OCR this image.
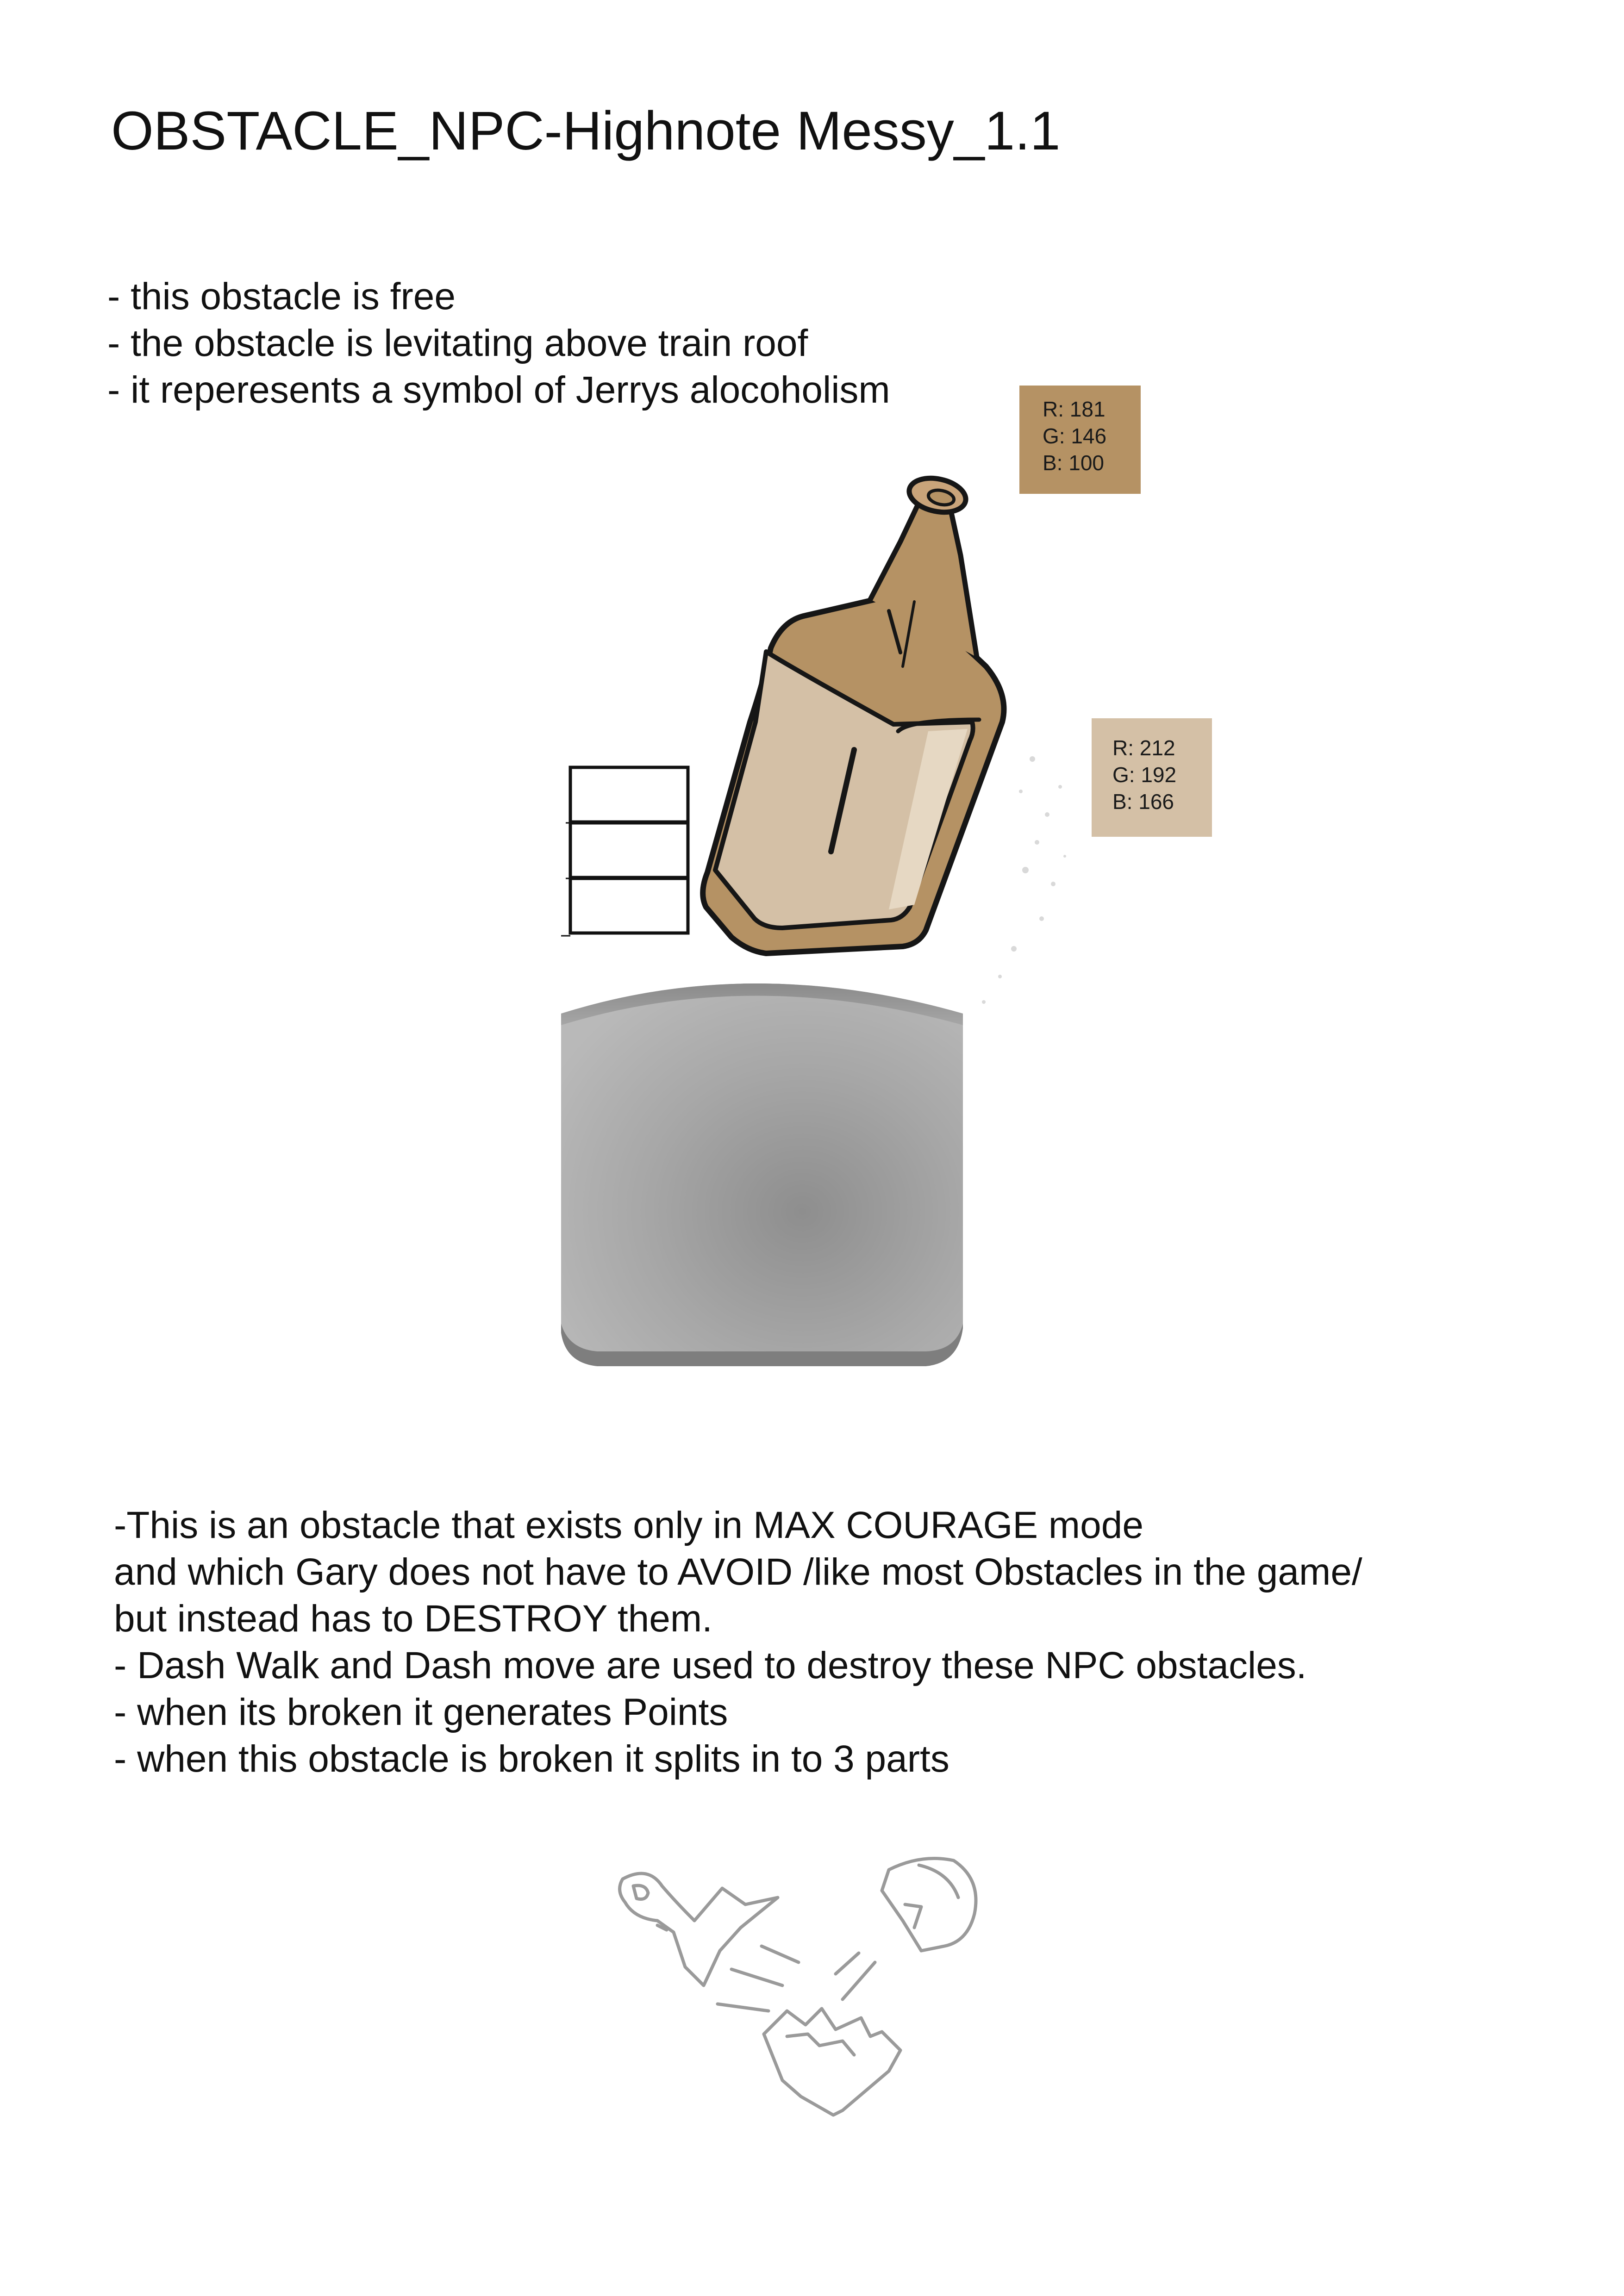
OBSTACLE_NPC-Highnote Messy_1.1
- this obstacle is free
- the obstacle is levitating above train roof
- it reperesents a symbol of Jerrys alocoholism	R: 181
G: 146
B: 100
R: 212
G: 192
B: 166
-This is an obstacle that exists only in MAX COURAGE mode
and which Gary does not have to AVOID /like most Obstacles in the game/
but instead has to DESTROY them.
- Dash Walk and Dash move are used to destroy these NPC obstacles.
- when its broken it generates Points
- when this obstacle is broken it splits in to 3 parts
